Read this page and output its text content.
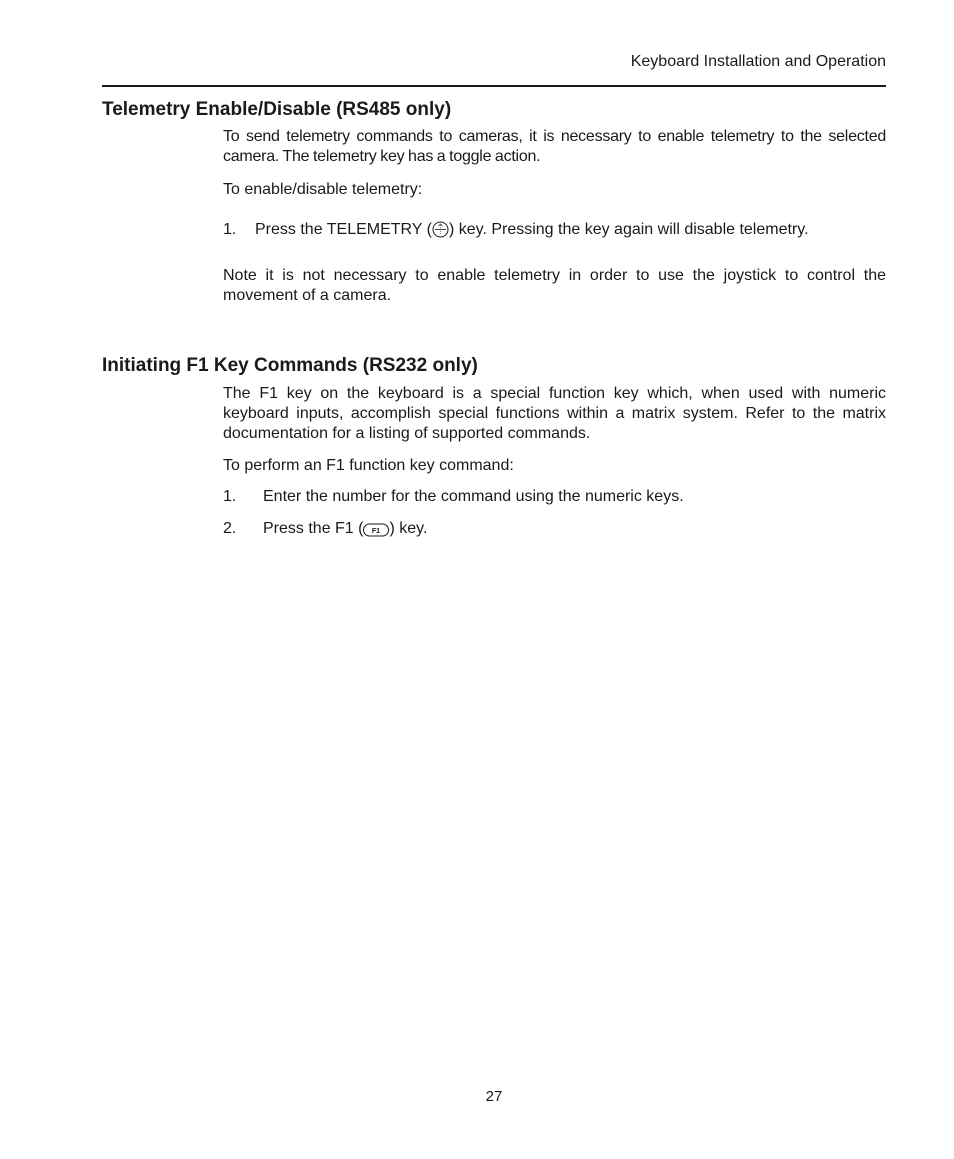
Keyboard Installation and Operation
Telemetry Enable/Disable (RS485 only)

To send telemetry commands to cameras, it is necessary to enable telemetry to the selected camera. The telemetry key has a toggle action.

To enable/disable telemetry:

1. Press the TELEMETRY ( ) key. Pressing the key again will disable telemetry.

Note it is not necessary to enable telemetry in order to use the joystick to control the movement of a camera.

Initiating F1 Key Commands (RS232 only)

The F1 key on the keyboard is a special function key which, when used with numeric keyboard inputs, accomplish special functions within a matrix system. Refer to the matrix documentation for a listing of supported commands.

To perform an F1 function key command:

1. Enter the number for the command using the numeric keys.
2. Press the F1 ( F1 ) key.
27
